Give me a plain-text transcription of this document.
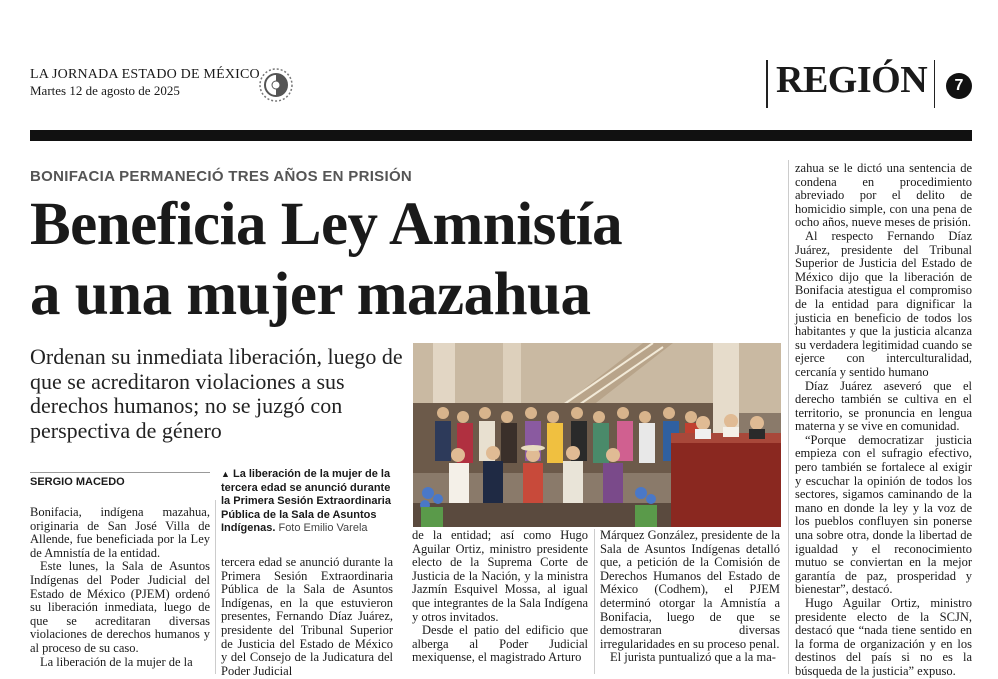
LA JORNADA ESTADO DE MÉXICO
Martes 12 de agosto de 2025	REGIÓN	7
BONIFACIA PERMANECIÓ TRES AÑOS EN PRISIÓN
Beneficia Ley Amnistía
a una mujer mazahua
Ordenan su inmediata liberación, luego de que se acreditaron violaciones a sus derechos humanos; no se juzgó con perspectiva de género
SERGIO MACEDO
▲ La liberación de la mujer de la tercera edad se anunció durante la Primera Sesión Extraordinaria Pública de la Sala de Asuntos Indígenas. Foto Emilio Varela

Bonifacia, indígena mazahua, originaria de San José Villa de Allende, fue beneficiada por la Ley de Amnistía de la entidad.

Este lunes, la Sala de Asuntos Indígenas del Poder Judicial del Estado de México (PJEM) ordenó su liberación inmediata, luego de que se acreditaran diversas violaciones de derechos humanos y al proceso de su caso.

La liberación de la mujer de la

tercera edad se anunció durante la Primera Sesión Extraordinaria Pública de la Sala de Asuntos Indígenas, en la que estuvieron presentes, Fernando Díaz Juárez, presidente del Tribunal Superior de Justicia del Estado de México y del Consejo de la Judicatura del Poder Judicial

de la entidad; así como Hugo Aguilar Ortiz, ministro presidente electo de la Suprema Corte de Justicia de la Nación, y la ministra Jazmín Esquivel Mossa, al igual que integrantes de la Sala Indígena y otros invitados.

Desde el patio del edificio que alberga al Poder Judicial mexiquense, el magistrado Arturo

Márquez González, presidente de la Sala de Asuntos Indígenas detalló que, a petición de la Comisión de Derechos Humanos del Estado de México (Codhem), el PJEM determinó otorgar la Amnistía a Bonifacia, luego de que se demostraran diversas irregularidades en su proceso penal.

El jurista puntualizó que a la ma-

zahua se le dictó una sentencia de condena en procedimiento abreviado por el delito de homicidio simple, con una pena de ocho años, nueve meses de prisión.

Al respecto Fernando Díaz Juárez, presidente del Tribunal Superior de Justicia del Estado de México dijo que la liberación de Bonifacia atestigua el compromiso de la entidad para dignificar la justicia en beneficio de todos los habitantes y que la justicia alcanza su verdadera legitimidad cuando se ejerce con interculturalidad, cercanía y sentido humano

Díaz Juárez aseveró que el derecho también se cultiva en el territorio, se pronuncia en lengua materna y se vive en comunidad.

“Porque democratizar justicia empieza con el sufragio efectivo, pero también se fortalece al exigir y escuchar la opinión de todos los sectores, sigamos caminando de la mano en donde la ley y la voz de los pueblos confluyen sin ponerse una sobre otra, donde la libertad de igualdad y el reconocimiento mutuo se conviertan en la mejor garantía de paz, prosperidad y bienestar”, destacó.

Hugo Aguilar Ortiz, ministro presidente electo de la SCJN, destacó que “nada tiene sentido en la forma de organización y en los destinos del país si no es la búsqueda de la justicia” expuso.
